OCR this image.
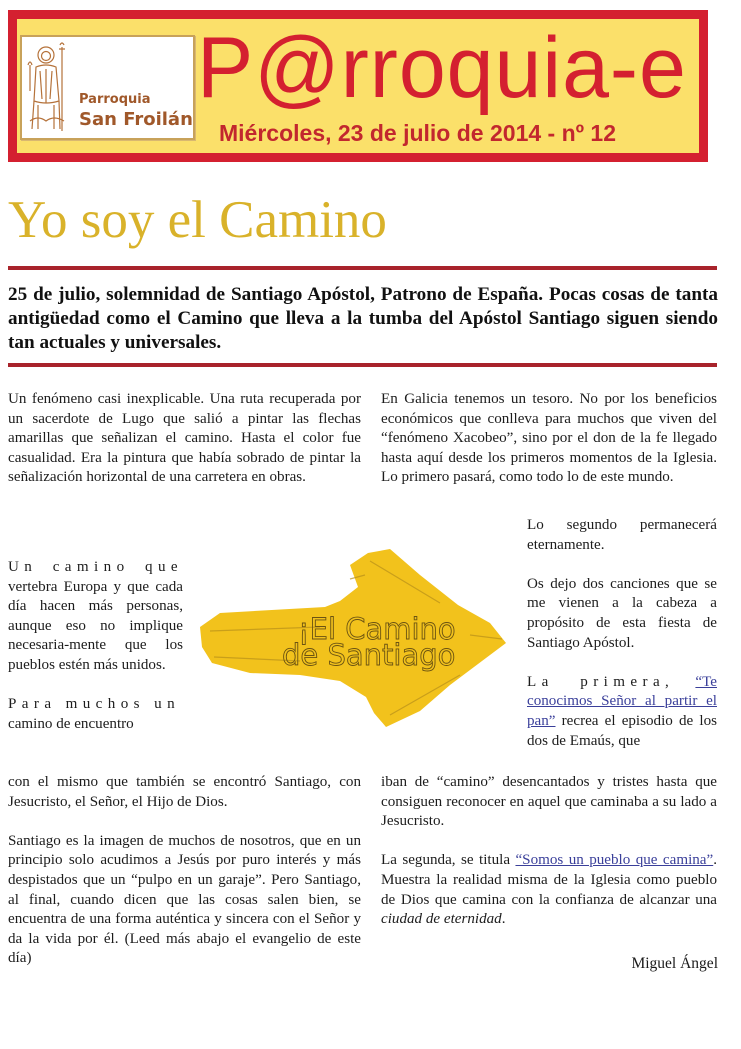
Parroquia
San Froilán
P@rroquia-e
Miércoles, 23 de julio de 2014 - nº 12
Yo soy el Camino
25 de julio, solemnidad de Santiago Apóstol, Patrono de España. Pocas cosas de tanta antigüedad como el Camino que lleva a la tumba del Apóstol Santiago siguen siendo tan actuales y universales.

Un fenómeno casi inexplicable. Una ruta recuperada por un sacerdote de Lugo que salió a pintar las flechas amarillas que señalizan el camino. Hasta el color fue casualidad. Era la pintura que había sobrado de pintar la señalización horizontal de una carretera en obras.

Un camino que vertebra Europa y que cada día hacen más personas, aunque eso no implique necesaria-mente que los pueblos estén más unidos.

Para muchos un
camino de encuentro

con el mismo que también se encontró Santiago, con Jesucristo, el Señor, el Hijo de Dios.

Santiago es la imagen de muchos de nosotros, que en un principio solo acudimos a Jesús por puro interés y más despistados que un “pulpo en un garaje”. Pero Santiago, al final, cuando dicen que las cosas salen bien, se encuentra de una forma auténtica y sincera con el Señor y da la vida por él. (Leed más abajo el evangelio de este día)

¡El Camino
de Santiago

En Galicia tenemos un tesoro. No por los beneficios económicos que conlleva para muchos que viven del “fenómeno Xacobeo”, sino por el don de la fe llegado hasta aquí desde los primeros momentos de la Iglesia. Lo primero pasará, como todo lo de este mundo.

Lo segundo permanecerá

eternamente.

Os dejo dos canciones que se me vienen a la cabeza a propósito de esta fiesta de Santiago Apóstol.

La primera, “Te conocimos Señor al partir el pan” recrea el episodio de los dos de Emaús, que

iban de “camino” desencantados y tristes hasta que consiguen reconocer en aquel que caminaba a su lado a Jesucristo.

La segunda, se titula “Somos un pueblo que camina”. Muestra la realidad misma de la Iglesia como pueblo de Dios que camina con la confianza de alcanzar una ciudad de eternidad.

Miguel Ángel
